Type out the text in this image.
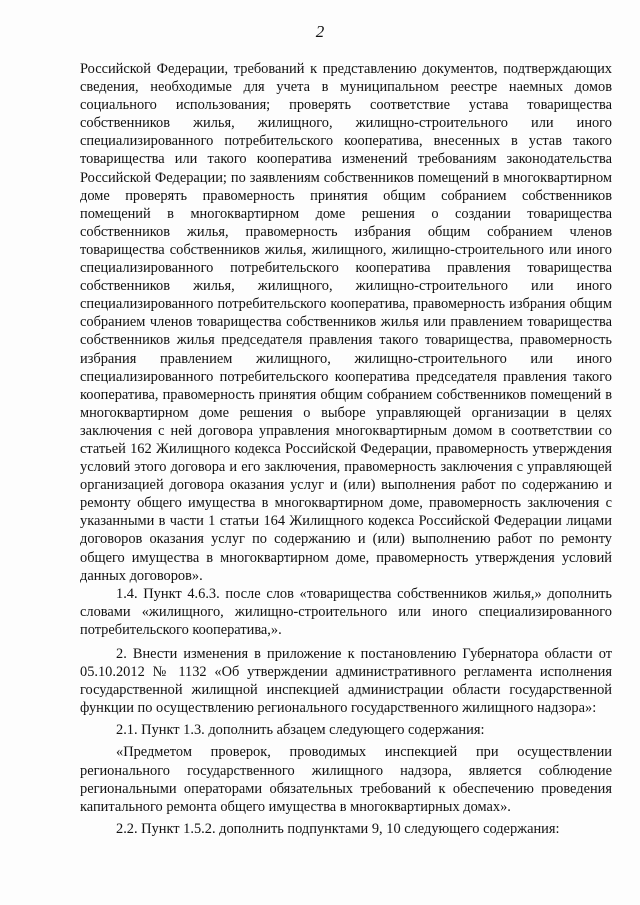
2

Российской Федерации, требований к представлению документов, подтверждающих сведения, необходимые для учета в муниципальном реестре наемных домов социального использования; проверять соответствие устава товарищества собственников жилья, жилищного, жилищно-строительного или иного специализированного потребительского кооператива, внесенных в устав такого товарищества или такого кооператива изменений требованиям законодательства Российской Федерации; по заявлениям собственников помещений в многоквартирном доме проверять правомерность принятия общим собранием собственников помещений в многоквартирном доме решения о создании товарищества собственников жилья, правомерность избрания общим собранием членов товарищества собственников жилья, жилищного, жилищно-строительного или иного специализированного потребительского кооператива правления товарищества собственников жилья, жилищного, жилищно-строительного или иного специализированного потребительского кооператива, правомерность избрания общим собранием членов товарищества собственников жилья или правлением товарищества собственников жилья председателя правления такого товарищества, правомерность избрания правлением жилищного, жилищно-строительного или иного специализированного потребительского кооператива председателя правления такого кооператива, правомерность принятия общим собранием собственников помещений в многоквартирном доме решения о выборе управляющей организации в целях заключения с ней договора управления многоквартирным домом в соответствии со статьей 162 Жилищного кодекса Российской Федерации, правомерность утверждения условий этого договора и его заключения, правомерность заключения с управляющей организацией договора оказания услуг и (или) выполнения работ по содержанию и ремонту общего имущества в многоквартирном доме, правомерность заключения с указанными в части 1 статьи 164 Жилищного кодекса Российской Федерации лицами договоров оказания услуг по содержанию и (или) выполнению работ по ремонту общего имущества в многоквартирном доме, правомерность утверждения условий данных договоров».

1.4. Пункт 4.6.3. после слов «товарищества собственников жилья,» дополнить словами «жилищного, жилищно-строительного или иного специализированного потребительского кооператива,».

2. Внести изменения в приложение к постановлению Губернатора области от 05.10.2012 № 1132 «Об утверждении административного регламента исполнения государственной жилищной инспекцией администрации области государственной функции по осуществлению регионального государственного жилищного надзора»:

2.1. Пункт 1.3. дополнить абзацем следующего содержания:

«Предметом проверок, проводимых инспекцией при осуществлении регионального государственного жилищного надзора, является соблюдение региональными операторами обязательных требований к обеспечению проведения капитального ремонта общего имущества в многоквартирных домах».

2.2. Пункт 1.5.2. дополнить подпунктами 9, 10 следующего содержания:
